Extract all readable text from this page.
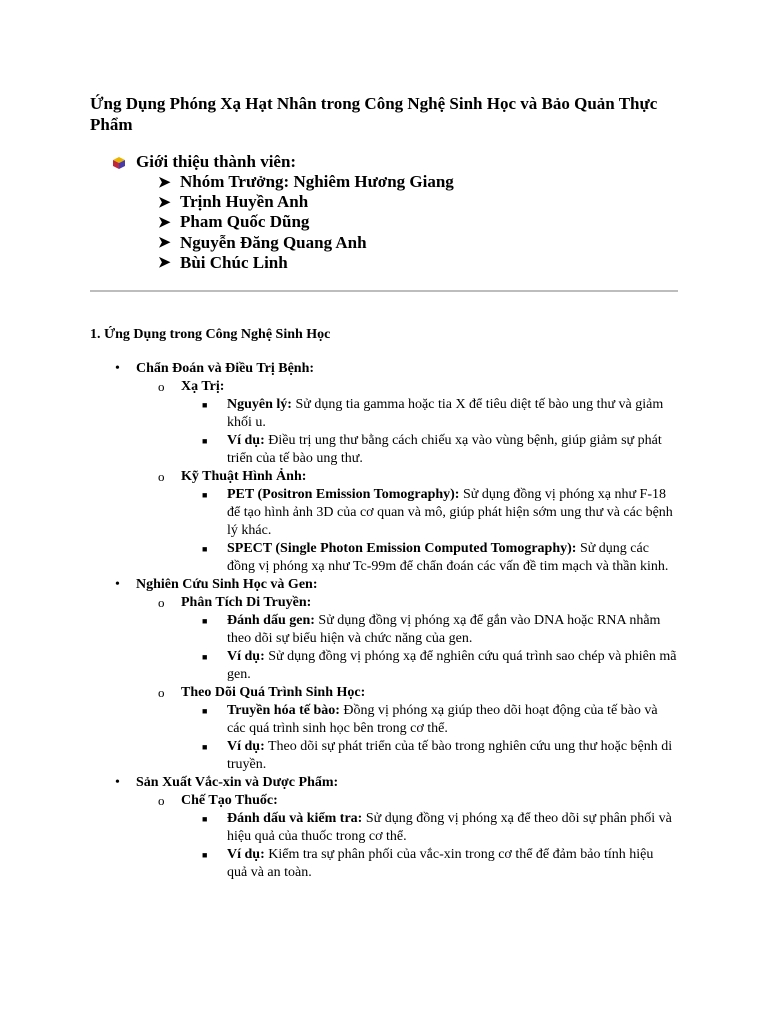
Ứng Dụng Phóng Xạ Hạt Nhân trong Công Nghệ Sinh Học và Bảo Quản Thực Phẩm
Giới thiệu thành viên:
➤ Nhóm Trưởng: Nghiêm Hương Giang
➤ Trịnh Huyền Anh
➤ Pham Quốc Dũng
➤ Nguyễn Đăng Quang Anh
➤ Bùi Chúc Linh
1. Ứng Dụng trong Công Nghệ Sinh Học
• Chẩn Đoán và Điều Trị Bệnh:
o Xạ Trị:
■ Nguyên lý: Sử dụng tia gamma hoặc tia X để tiêu diệt tế bào ung thư và giảm khối u.
■ Ví dụ: Điều trị ung thư bằng cách chiếu xạ vào vùng bệnh, giúp giảm sự phát triển của tế bào ung thư.
o Kỹ Thuật Hình Ảnh:
■ PET (Positron Emission Tomography): Sử dụng đồng vị phóng xạ như F-18 để tạo hình ảnh 3D của cơ quan và mô, giúp phát hiện sớm ung thư và các bệnh lý khác.
■ SPECT (Single Photon Emission Computed Tomography): Sử dụng các đồng vị phóng xạ như Tc-99m để chẩn đoán các vấn đề tim mạch và thần kinh.
• Nghiên Cứu Sinh Học và Gen:
o Phân Tích Di Truyền:
■ Đánh dấu gen: Sử dụng đồng vị phóng xạ để gắn vào DNA hoặc RNA nhằm theo dõi sự biểu hiện và chức năng của gen.
■ Ví dụ: Sử dụng đồng vị phóng xạ để nghiên cứu quá trình sao chép và phiên mã gen.
o Theo Dõi Quá Trình Sinh Học:
■ Truyền hóa tế bào: Đồng vị phóng xạ giúp theo dõi hoạt động của tế bào và các quá trình sinh học bên trong cơ thể.
■ Ví dụ: Theo dõi sự phát triển của tế bào trong nghiên cứu ung thư hoặc bệnh di truyền.
• Sản Xuất Vắc-xin và Dược Phẩm:
o Chế Tạo Thuốc:
■ Đánh dấu và kiểm tra: Sử dụng đồng vị phóng xạ để theo dõi sự phân phối và hiệu quả của thuốc trong cơ thể.
■ Ví dụ: Kiểm tra sự phân phối của vắc-xin trong cơ thể để đảm bảo tính hiệu quả và an toàn.
